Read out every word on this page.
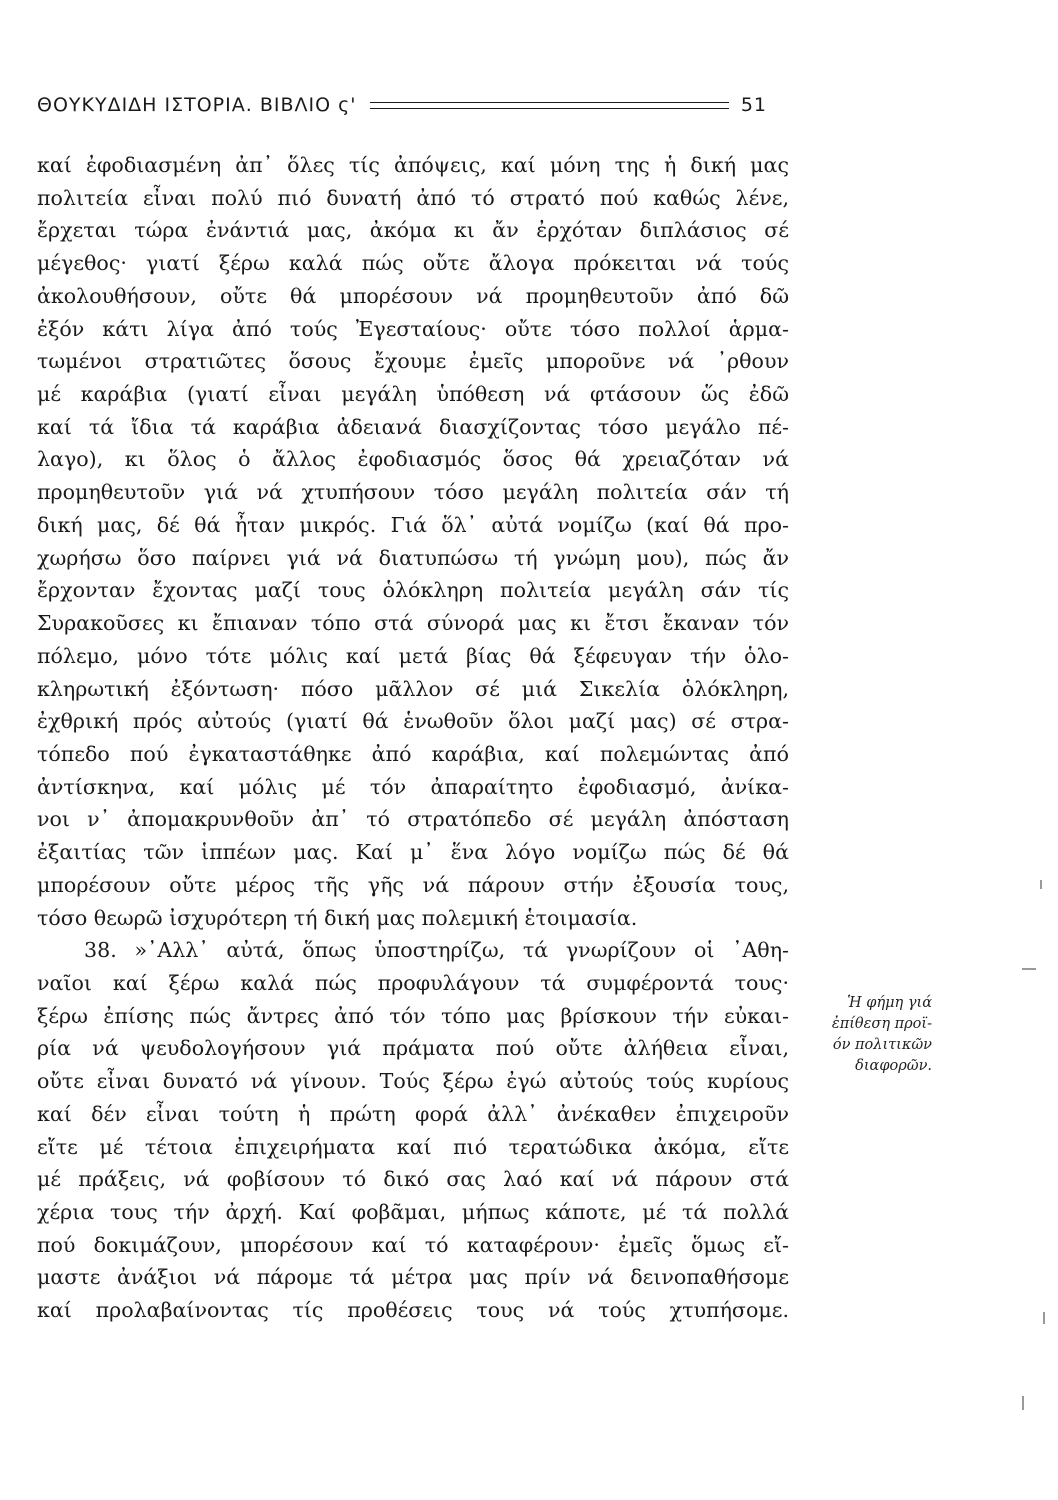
ΘΟΥΚΥΔΙΔΗ ΙΣΤΟΡΙΑ. ΒΙΒΛΙΟ ς'	51
καί ἐφοδιασμένη ἀπ᾽ ὅλες τίς ἀπόψεις, καί μόνη της ἡ δική μας
πολιτεία εἶναι πολύ πιό δυνατή ἀπό τό στρατό πού καθώς λένε,
ἔρχεται τώρα ἐνάντιά μας, ἀκόμα κι ἄν ἐρχόταν διπλάσιος σέ
μέγεθος· γιατί ξέρω καλά πώς οὔτε ἄλογα πρόκειται νά τούς
ἀκολουθήσουν, οὔτε θά μπορέσουν νά προμηθευτοῦν ἀπό δῶ
ἐξόν κάτι λίγα ἀπό τούς Ἐγεσταίους· οὔτε τόσο πολλοί ἁρμα-
τωμένοι στρατιῶτες ὅσους ἔχουμε ἐμεῖς μποροῦνε νά ᾽ρθουν
μέ καράβια (γιατί εἶναι μεγάλη ὑπόθεση νά φτάσουν ὥς ἐδῶ
καί τά ἴδια τά καράβια ἀδειανά διασχίζοντας τόσο μεγάλο πέ-
λαγο), κι ὅλος ὁ ἄλλος ἐφοδιασμός ὅσος θά χρειαζόταν νά
προμηθευτοῦν γιά νά χτυπήσουν τόσο μεγάλη πολιτεία σάν τή
δική μας, δέ θά ἦταν μικρός. Γιά ὅλ᾽ αὐτά νομίζω (καί θά προ-
χωρήσω ὅσο παίρνει γιά νά διατυπώσω τή γνώμη μου), πώς ἄν
ἔρχονταν ἔχοντας μαζί τους ὁλόκληρη πολιτεία μεγάλη σάν τίς
Συρακοῦσες κι ἔπιαναν τόπο στά σύνορά μας κι ἔτσι ἔκαναν τόν
πόλεμο, μόνο τότε μόλις καί μετά βίας θά ξέφευγαν τήν ὁλο-
κληρωτική ἐξόντωση· πόσο μᾶλλον σέ μιά Σικελία ὁλόκληρη,
ἐχθρική πρός αὐτούς (γιατί θά ἑνωθοῦν ὅλοι μαζί μας) σέ στρα-
τόπεδο πού ἐγκαταστάθηκε ἀπό καράβια, καί πολεμώντας ἀπό
ἀντίσκηνα, καί μόλις μέ τόν ἀπαραίτητο ἐφοδιασμό, ἀνίκα-
νοι ν᾽ ἀπομακρυνθοῦν ἀπ᾽ τό στρατόπεδο σέ μεγάλη ἀπόσταση
ἐξαιτίας τῶν ἱππέων μας. Καί μ᾽ ἕνα λόγο νομίζω πώς δέ θά
μπορέσουν οὔτε μέρος τῆς γῆς νά πάρουν στήν ἐξουσία τους,
τόσο θεωρῶ ἰσχυρότερη τή δική μας πολεμική ἑτοιμασία.
38. »᾽Αλλ᾽ αὐτά, ὅπως ὑποστηρίζω, τά γνωρίζουν οἱ ᾽Αθη-
ναῖοι καί ξέρω καλά πώς προφυλάγουν τά συμφέροντά τους·
ξέρω ἐπίσης πώς ἄντρες ἀπό τόν τόπο μας βρίσκουν τήν εὐκαι-
ρία νά ψευδολογήσουν γιά πράματα πού οὔτε ἀλήθεια εἶναι,
οὔτε εἶναι δυνατό νά γίνουν. Τούς ξέρω ἐγώ αὐτούς τούς κυρίους
καί δέν εἶναι τούτη ἡ πρώτη φορά ἀλλ᾽ ἀνέκαθεν ἐπιχειροῦν
εἴτε μέ τέτοια ἐπιχειρήματα καί πιό τερατώδικα ἀκόμα, εἴτε
μέ πράξεις, νά φοβίσουν τό δικό σας λαό καί νά πάρουν στά
χέρια τους τήν ἀρχή. Καί φοβᾶμαι, μήπως κάποτε, μέ τά πολλά
πού δοκιμάζουν, μπορέσουν καί τό καταφέρουν· ἐμεῖς ὅμως εἴ-
μαστε ἀνάξιοι νά πάρομε τά μέτρα μας πρίν νά δεινοπαθήσομε
καί προλαβαίνοντας τίς προθέσεις τους νά τούς χτυπήσομε.
Ἡ φήμη γιά
ἐπίθεση προϊ-
όν πολιτικῶν
διαφορῶν.
